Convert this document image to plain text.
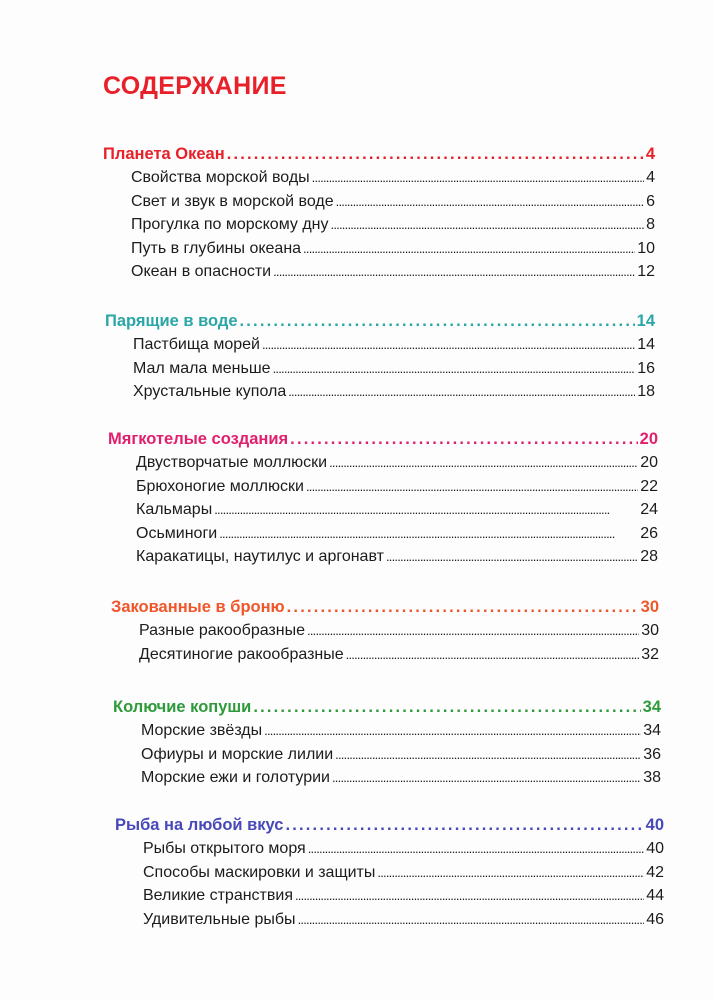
СОДЕРЖАНИЕ
Планета Океан . . .	4
Свойства морской воды . . .	4
Свет и звук в морской воде . . .	6
Прогулка по морскому дну . . .	8
Путь в глубины океана . . .	10
Океан в опасности . . .	12
Парящие в воде . . .	14
Пастбища морей . . .	14
Мал мала меньше . . .	16
Хрустальные купола . . .	18
Мягкотелые создания . . .	20
Двустворчатые моллюски . . .	20
Брюхоногие моллюски . . .	22
Кальмары . . .	24
Осьминоги . . .	26
Каракатицы, наутилус и аргонавт . . .	28
Закованные в броню . . .	30
Разные ракообразные . . .	30
Десятиногие ракообразные . . .	32
Колючие копуши . . .	34
Морские звёзды . . .	34
Офиуры и морские лилии . . .	36
Морские ежи и голотурии . . .	38
Рыба на любой вкус . . .	40
Рыбы открытого моря . . .	40
Способы маскировки и защиты . . .	42
Великие странствия . . .	44
Удивительные рыбы . . .	46
